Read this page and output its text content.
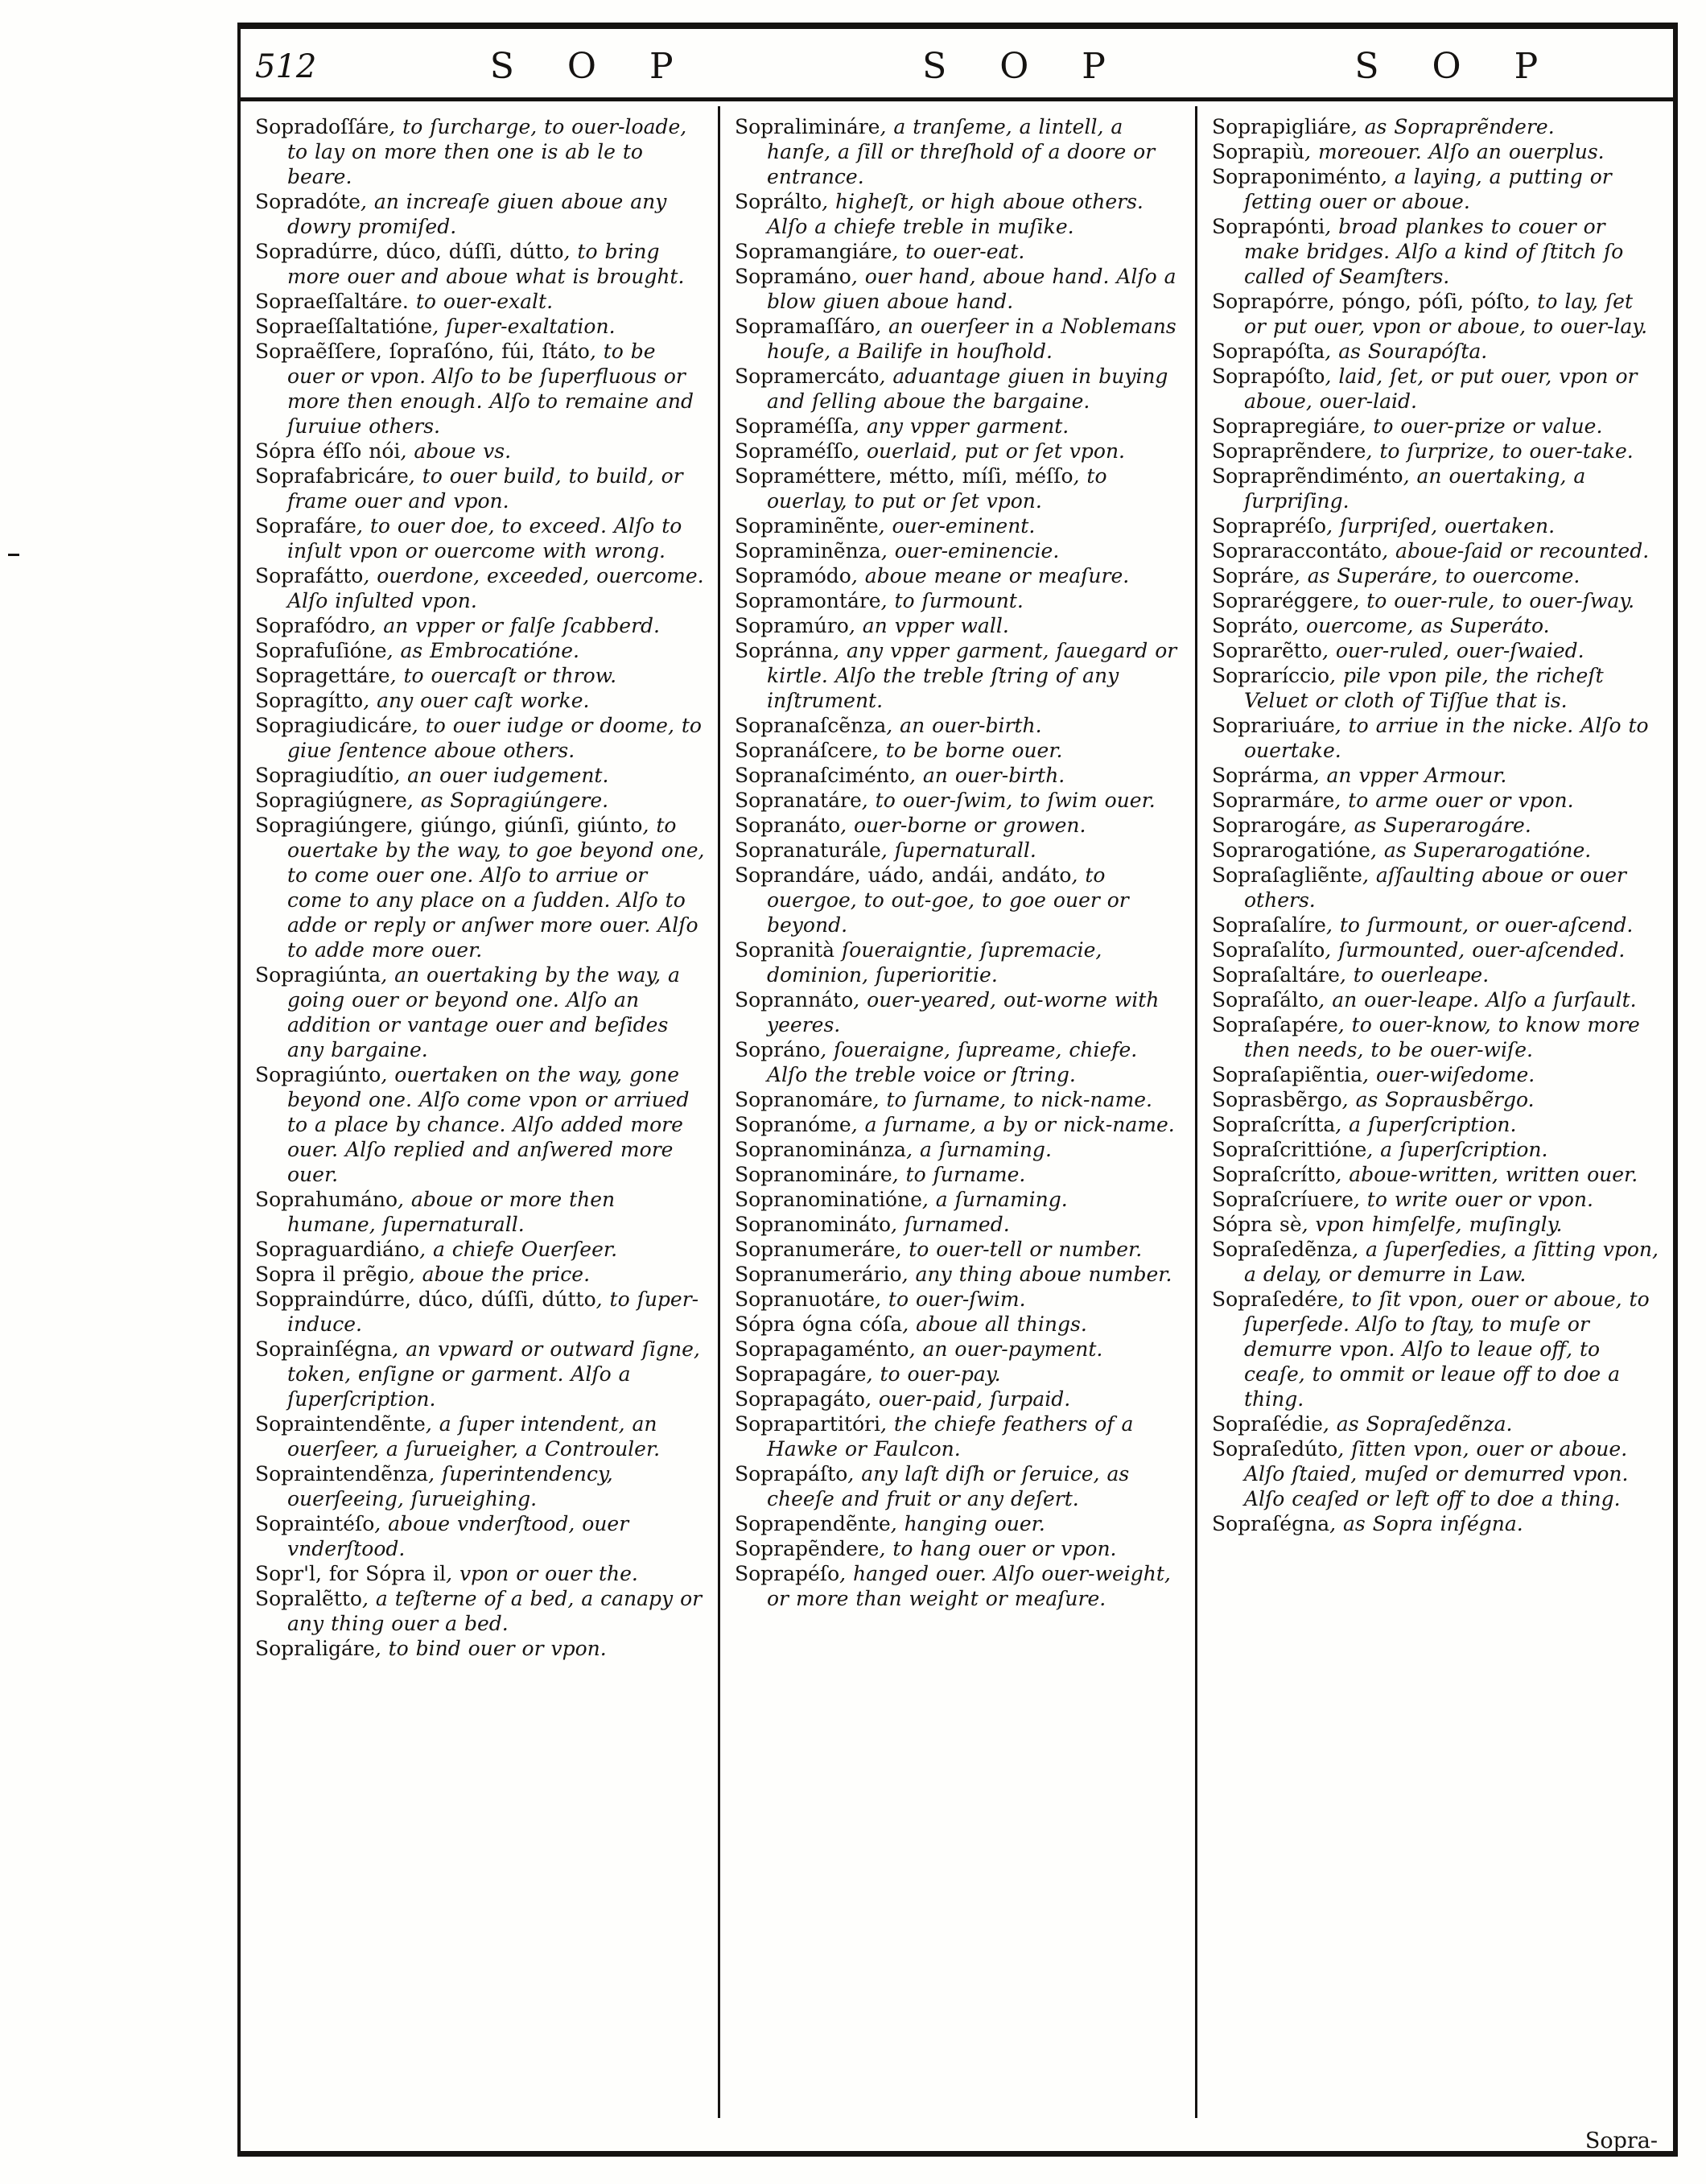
512	S O P	S O P	S O P
Sopradoſſáre, to ſurcharge, to ouer-loade, to lay on more then one is ab le to beare.
Sopradóte, an increaſe giuen aboue any dowry promiſed.
Sopradúrre, dúco, dúſſi, dútto, to bring more ouer and aboue what is brought.
Sopraeſſaltáre. to ouer-exalt.
Sopraeſſaltatióne, ſuper-exaltation.
Sopraẽſſere, ſopraſóno, fúi, ſtáto, to be ouer or vpon. Alſo to be ſuperfluous or more then enough. Alſo to remaine and ſuruiue others.
Sópra éſſo nói, aboue vs.
Soprafabricáre, to ouer build, to build, or frame ouer and vpon.
Soprafáre, to ouer doe, to exceed. Alſo to inſult vpon or ouercome with wrong.
Soprafátto, ouerdone, exceeded, ouercome. Alſo inſulted vpon.
Soprafódro, an vpper or falſe ſcabberd.
Soprafuſióne, as Embrocatióne.
Sopragettáre, to ouercaſt or throw.
Sopragítto, any ouer caſt worke.
Sopragiudicáre, to ouer iudge or doome, to giue ſentence aboue others.
Sopragiudítio, an ouer iudgement.
Sopragiúgnere, as Sopragiúngere.
Sopragiúngere, giúngo, giúnſi, giúnto, to ouertake by the way, to goe beyond one, to come ouer one. Alſo to arriue or come to any place on a ſudden. Alſo to adde or reply or anſwer more ouer. Alſo to adde more ouer.
Sopragiúnta, an ouertaking by the way, a going ouer or beyond one. Alſo an addition or vantage ouer and beſides any bargaine.
Sopragiúnto, ouertaken on the way, gone beyond one. Alſo come vpon or arriued to a place by chance. Alſo added more ouer. Alſo replied and anſwered more ouer.
Soprahumáno, aboue or more then humane, ſupernaturall.
Sopraguardiáno, a chiefe Ouerſeer.
Sopra il prẽgio, aboue the price.
Soppraindúrre, dúco, dúſſi, dútto, to ſuper-induce.
Soprainſégna, an vpward or outward ſigne, token, enſigne or garment. Alſo a ſuperſcription.
Sopraintendẽnte, a ſuper intendent, an ouerſeer, a ſurueigher, a Controuler.
Sopraintendẽnza, ſuperintendency, ouerſeeing, ſurueighing.
Sopraintéſo, aboue vnderſtood, ouer vnderſtood.
Sopr'l, for Sópra il, vpon or ouer the.
Sopralẽtto, a teſterne of a bed, a canapy or any thing ouer a bed.
Sopraligáre, to bind ouer or vpon.
Sopralimináre, a tranſeme, a lintell, a hanſe, a ſill or threſhold of a doore or entrance.
Soprálto, higheſt, or high aboue others. Alſo a chiefe treble in muſike.
Sopramangiáre, to ouer-eat.
Sopramáno, ouer hand, aboue hand. Alſo a blow giuen aboue hand.
Sopramaſſáro, an ouerſeer in a Noblemans houſe, a Bailife in houſhold.
Sopramercáto, aduantage giuen in buying and ſelling aboue the bargaine.
Sopraméſſa, any vpper garment.
Sopraméſſo, ouerlaid, put or ſet vpon.
Sopraméttere, métto, míſi, méſſo, to ouerlay, to put or ſet vpon.
Sopraminẽnte, ouer-eminent.
Sopraminẽnza, ouer-eminencie.
Sopramódo, aboue meane or meaſure.
Sopramontáre, to ſurmount.
Sopramúro, an vpper wall.
Sopránna, any vpper garment, ſauegard or kirtle. Alſo the treble ſtring of any inſtrument.
Sopranaſcẽnza, an ouer-birth.
Sopranáſcere, to be borne ouer.
Sopranaſciménto, an ouer-birth.
Sopranatáre, to ouer-ſwim, to ſwim ouer.
Sopranáto, ouer-borne or growen.
Sopranaturále, ſupernaturall.
Soprandáre, uádo, andái, andáto, to ouergoe, to out-goe, to goe ouer or beyond.
Sopranità ſoueraigntie, ſupremacie, dominion, ſuperioritie.
Soprannáto, ouer-yeared, out-worne with yeeres.
Sopráno, ſoueraigne, ſupreame, chiefe. Alſo the treble voice or ſtring.
Sopranomáre, to ſurname, to nick-name.
Sopranóme, a ſurname, a by or nick-name.
Sopranominánza, a ſurnaming.
Sopranomináre, to ſurname.
Sopranominatióne, a ſurnaming.
Sopranomináto, ſurnamed.
Sopranumeráre, to ouer-tell or number.
Sopranumerário, any thing aboue number.
Sopranuotáre, to ouer-ſwim.
Sópra ógna cóſa, aboue all things.
Soprapagaménto, an ouer-payment.
Soprapagáre, to ouer-pay.
Soprapagáto, ouer-paid, ſurpaid.
Soprapartitóri, the chiefe feathers of a Hawke or Faulcon.
Soprapáſto, any laſt diſh or ſeruice, as cheeſe and fruit or any deſert.
Soprapendẽnte, hanging ouer.
Soprapẽndere, to hang ouer or vpon.
Soprapéſo, hanged ouer. Alſo ouer-weight, or more than weight or meaſure.
Soprapigliáre, as Sopraprẽndere.
Soprapiù, moreouer. Alſo an ouerplus.
Sopraponiménto, a laying, a putting or ſetting ouer or aboue.
Soprapónti, broad plankes to couer or make bridges. Alſo a kind of ſtitch ſo called of Seamſters.
Soprapórre, póngo, póſi, póſto, to lay, ſet or put ouer, vpon or aboue, to ouer-lay.
Soprapóſta, as Sourapóſta.
Soprapóſto, laid, ſet, or put ouer, vpon or aboue, ouer-laid.
Soprapregiáre, to ouer-prize or value.
Sopraprẽndere, to ſurprize, to ouer-take.
Sopraprẽndiménto, an ouertaking, a ſurpriſing.
Soprapréſo, ſurpriſed, ouertaken.
Sopraraccontáto, aboue-ſaid or recounted.
Sopráre, as Superáre, to ouercome.
Sopraréggere, to ouer-rule, to ouer-ſway.
Sopráto, ouercome, as Superáto.
Soprarẽtto, ouer-ruled, ouer-ſwaied.
Sopraríccio, pile vpon pile, the richeſt Veluet or cloth of Tiſſue that is.
Soprariuáre, to arriue in the nicke. Alſo to ouertake.
Soprárma, an vpper Armour.
Soprarmáre, to arme ouer or vpon.
Soprarogáre, as Superarogáre.
Soprarogatióne, as Superarogatióne.
Sopraſagliẽnte, aſſaulting aboue or ouer others.
Sopraſalíre, to ſurmount, or ouer-aſcend.
Sopraſalíto, ſurmounted, ouer-aſcended.
Sopraſaltáre, to ouerleape.
Sopraſálto, an ouer-leape. Alſo a ſurſault.
Sopraſapére, to ouer-know, to know more then needs, to be ouer-wiſe.
Sopraſapiẽntia, ouer-wiſedome.
Soprasbẽrgo, as Soprausbẽrgo.
Sopraſcrítta, a ſuperſcription.
Sopraſcrittióne, a ſuperſcription.
Sopraſcrítto, aboue-written, written ouer.
Sopraſcríuere, to write ouer or vpon.
Sópra sè, vpon himſelfe, muſingly.
Sopraſedẽnza, a ſuperſedies, a ſitting vpon, a delay, or demurre in Law.
Sopraſedére, to ſit vpon, ouer or aboue, to ſuperſede. Alſo to ſtay, to muſe or demurre vpon. Alſo to leaue off, to ceaſe, to ommit or leaue off to doe a thing.
Sopraſédie, as Sopraſedẽnza.
Sopraſedúto, ſitten vpon, ouer or aboue. Alſo ſtaied, muſed or demurred vpon. Alſo ceaſed or left off to doe a thing.
Sopraſégna, as Sopra inſégna.
Sopra-
